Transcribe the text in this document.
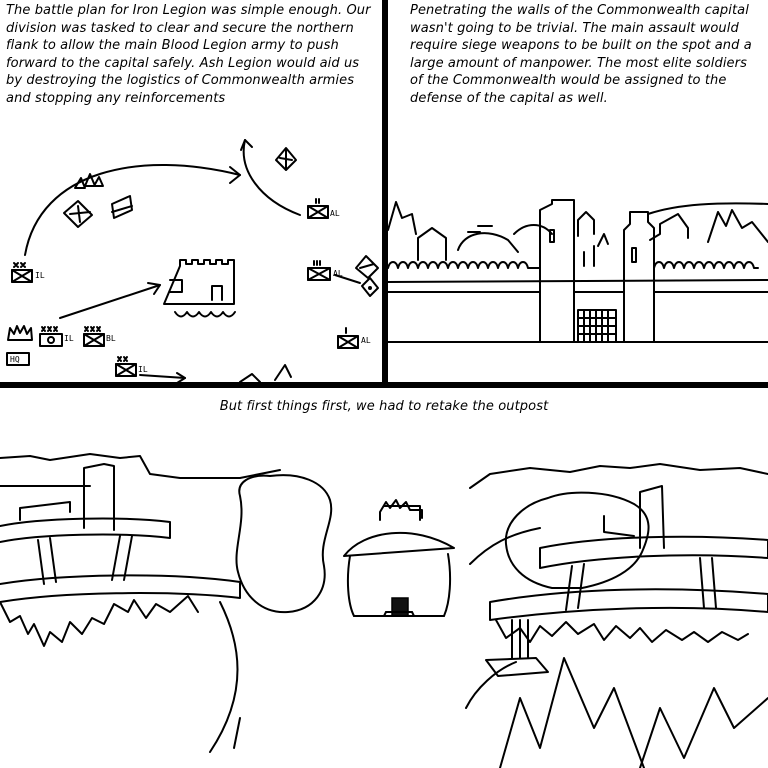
The battle plan for Iron Legion was simple enough. Our division was tasked to clear and secure the northern flank to allow the main Blood Legion army to push forward to the capital safely. Ash Legion would aid us by destroying the logistics of Commonwealth armies and stopping any reinforcements
AL
IL	AL
AL
HQ
IL	BL
IL
Penetrating the walls of the Commonwealth capital wasn't going to be trivial. The main assault would require siege weapons to be built on the spot and a large amount of manpower. The most elite soldiers of the Commonwealth would be assigned to the defense of the capital as well.
But first things first, we had to retake the outpost
